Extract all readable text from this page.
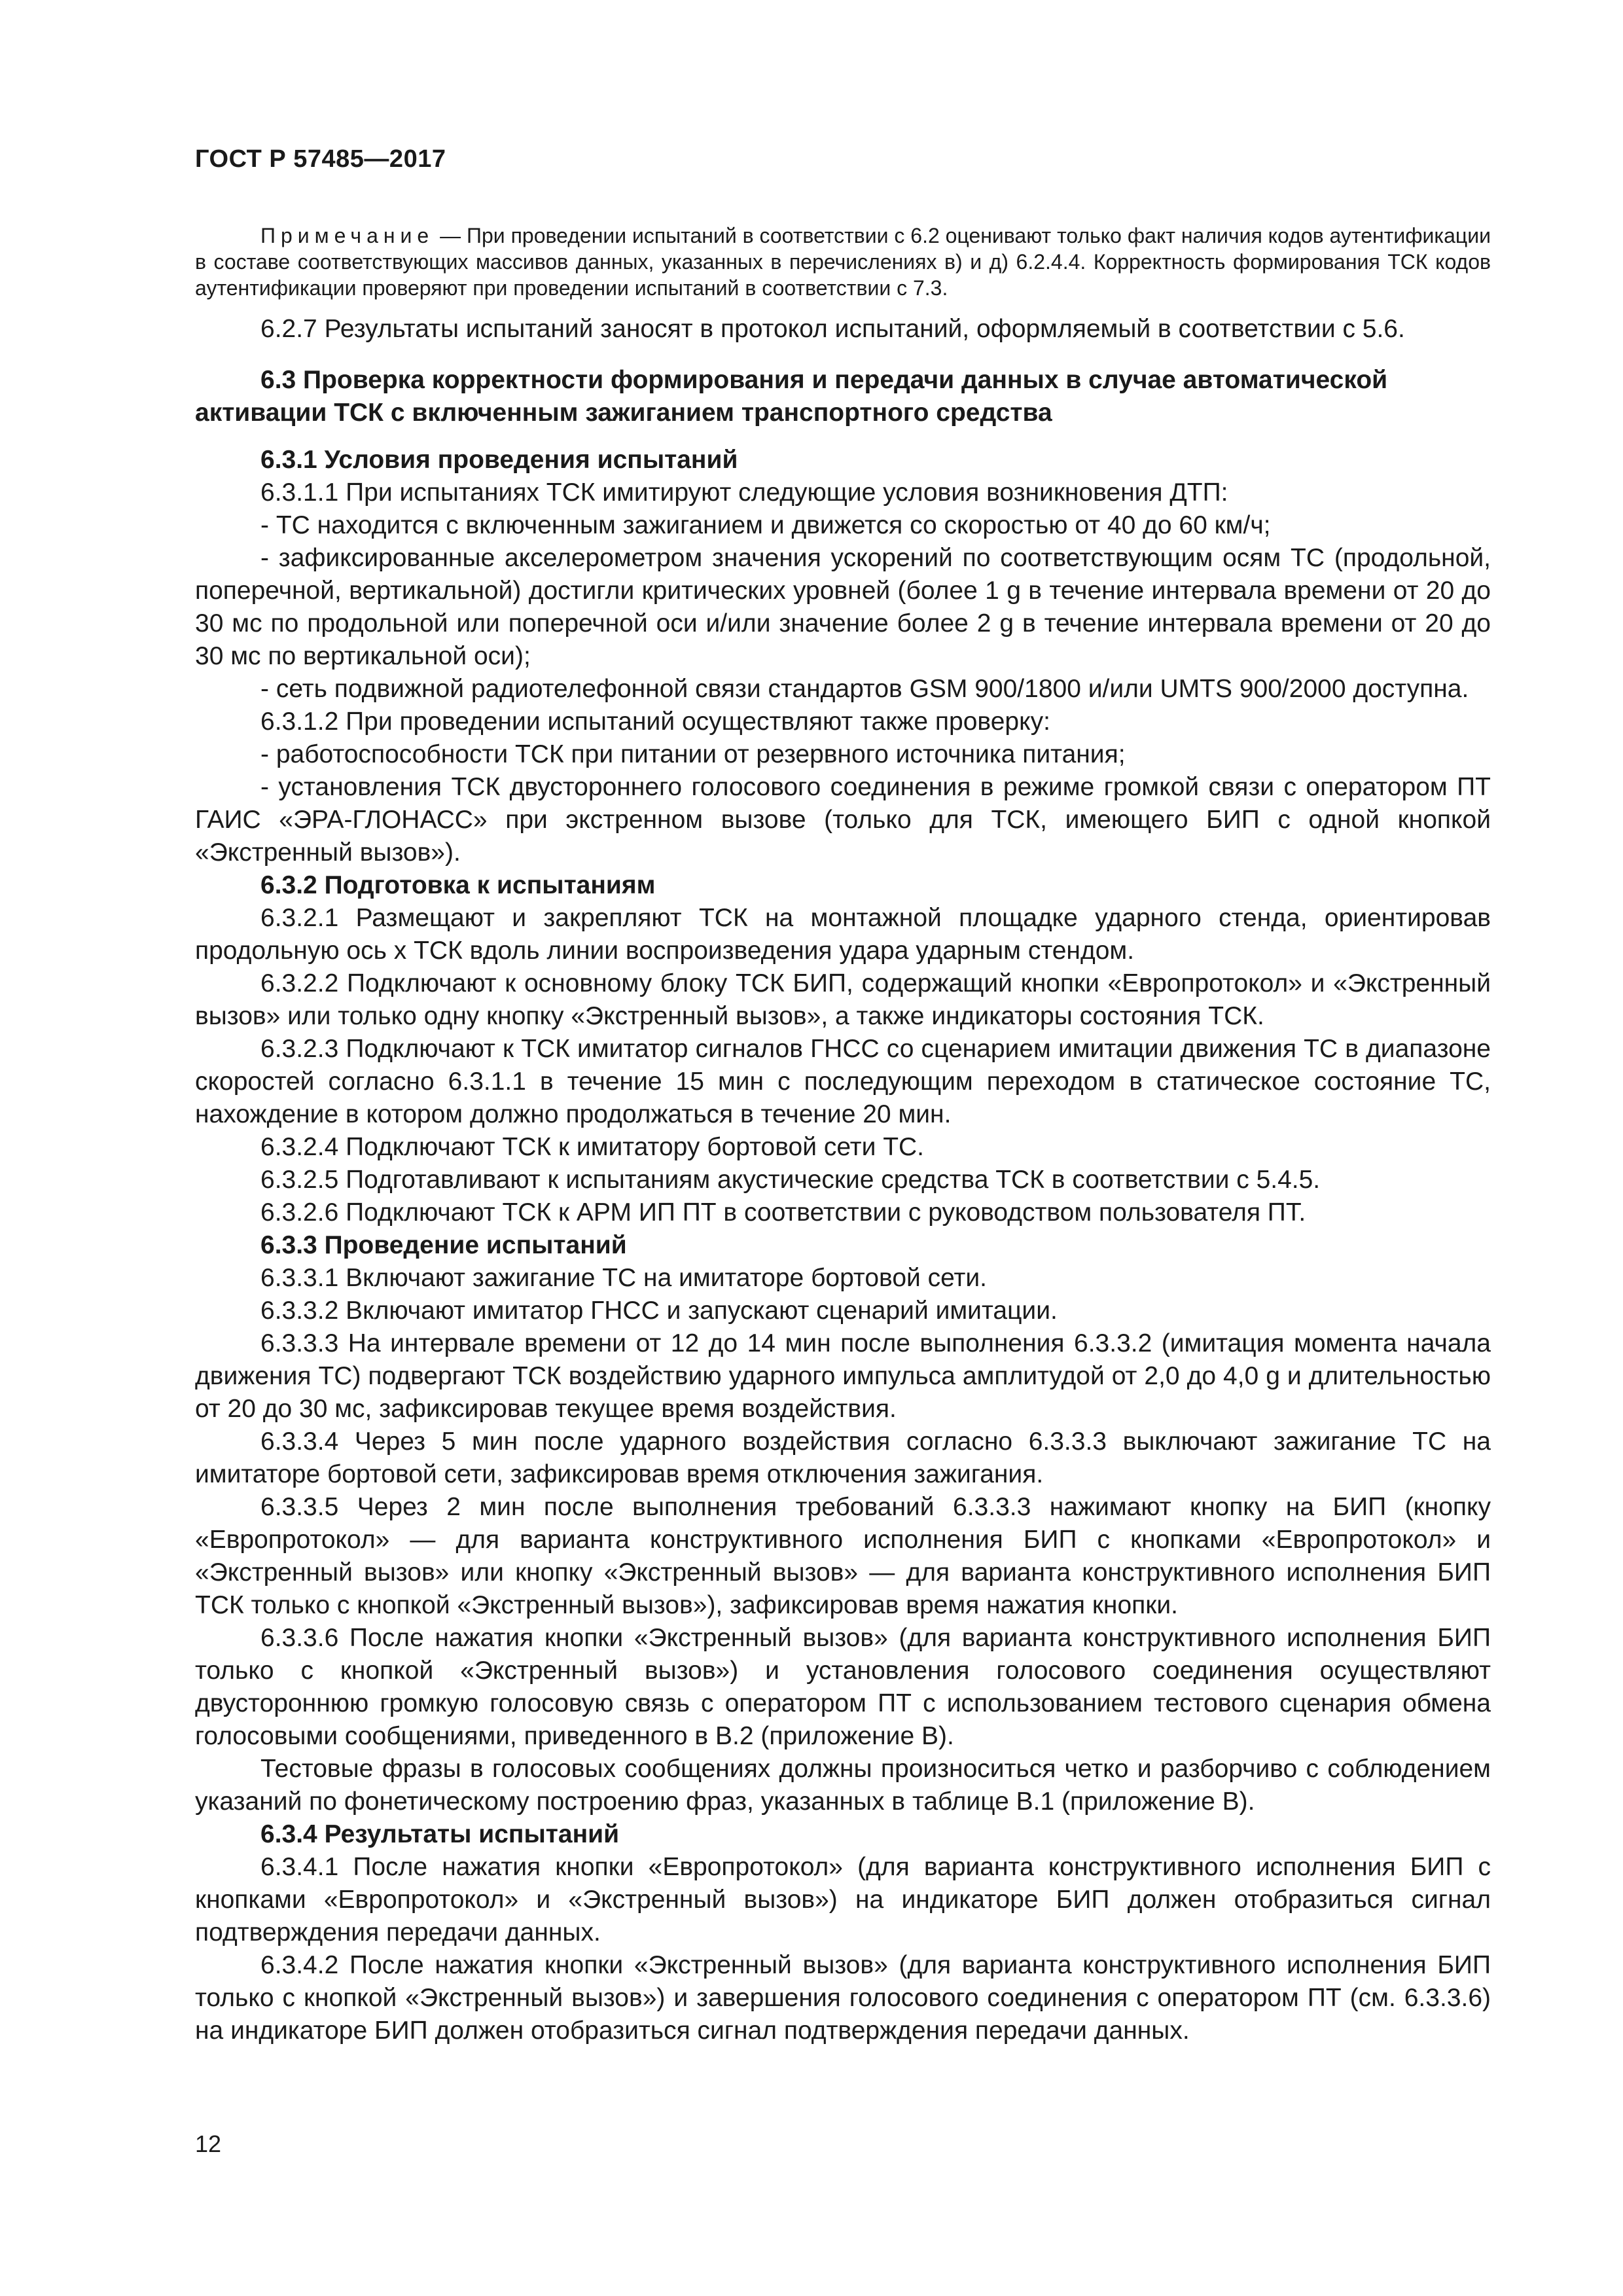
ГОСТ Р 57485—2017

Примечание — При проведении испытаний в соответствии с 6.2 оценивают только факт наличия кодов аутентификации в составе соответствующих массивов данных, указанных в перечислениях в) и д) 6.2.4.4. Корректность формирования ТСК кодов аутентификации проверяют при проведении испытаний в соответствии с 7.3.

6.2.7 Результаты испытаний заносят в протокол испытаний, оформляемый в соответствии с 5.6.

6.3 Проверка корректности формирования и передачи данных в случае автоматической активации ТСК с включенным зажиганием транспортного средства

6.3.1 Условия проведения испытаний

6.3.1.1 При испытаниях ТСК имитируют следующие условия возникновения ДТП:

- ТС находится с включенным зажиганием и движется со скоростью от 40 до 60 км/ч;

- зафиксированные акселерометром значения ускорений по соответствующим осям ТС (продольной, поперечной, вертикальной) достигли критических уровней (более 1 g в течение интервала времени от 20 до 30 мс по продольной или поперечной оси и/или значение более 2 g в течение интервала времени от 20 до 30 мс по вертикальной оси);

- сеть подвижной радиотелефонной связи стандартов GSM 900/1800 и/или UMTS 900/2000 доступна.

6.3.1.2 При проведении испытаний осуществляют также проверку:

- работоспособности ТСК при питании от резервного источника питания;

- установления ТСК двустороннего голосового соединения в режиме громкой связи с оператором ПТ ГАИС «ЭРА-ГЛОНАСС» при экстренном вызове (только для ТСК, имеющего БИП с одной кнопкой «Экстренный вызов»).

6.3.2 Подготовка к испытаниям

6.3.2.1 Размещают и закрепляют ТСК на монтажной площадке ударного стенда, ориентировав продольную ось x ТСК вдоль линии воспроизведения удара ударным стендом.

6.3.2.2 Подключают к основному блоку ТСК БИП, содержащий кнопки «Европротокол» и «Экстренный вызов» или только одну кнопку «Экстренный вызов», а также индикаторы состояния ТСК.

6.3.2.3 Подключают к ТСК имитатор сигналов ГНСС со сценарием имитации движения ТС в диапазоне скоростей согласно 6.3.1.1 в течение 15 мин с последующим переходом в статическое состояние ТС, нахождение в котором должно продолжаться в течение 20 мин.

6.3.2.4 Подключают ТСК к имитатору бортовой сети ТС.

6.3.2.5 Подготавливают к испытаниям акустические средства ТСК в соответствии с 5.4.5.

6.3.2.6 Подключают ТСК к АРМ ИП ПТ в соответствии с руководством пользователя ПТ.

6.3.3 Проведение испытаний

6.3.3.1 Включают зажигание ТС на имитаторе бортовой сети.

6.3.3.2 Включают имитатор ГНСС и запускают сценарий имитации.

6.3.3.3 На интервале времени от 12 до 14 мин после выполнения 6.3.3.2 (имитация момента начала движения ТС) подвергают ТСК воздействию ударного импульса амплитудой от 2,0 до 4,0 g и длительностью от 20 до 30 мс, зафиксировав текущее время воздействия.

6.3.3.4 Через 5 мин после ударного воздействия согласно 6.3.3.3 выключают зажигание ТС на имитаторе бортовой сети, зафиксировав время отключения зажигания.

6.3.3.5 Через 2 мин после выполнения требований 6.3.3.3 нажимают кнопку на БИП (кнопку «Европротокол» — для варианта конструктивного исполнения БИП с кнопками «Европротокол» и «Экстренный вызов» или кнопку «Экстренный вызов» — для варианта конструктивного исполнения БИП ТСК только с кнопкой «Экстренный вызов»), зафиксировав время нажатия кнопки.

6.3.3.6 После нажатия кнопки «Экстренный вызов» (для варианта конструктивного исполнения БИП только с кнопкой «Экстренный вызов») и установления голосового соединения осуществляют двустороннюю громкую голосовую связь с оператором ПТ с использованием тестового сценария обмена голосовыми сообщениями, приведенного в В.2 (приложение В).

Тестовые фразы в голосовых сообщениях должны произноситься четко и разборчиво с соблюдением указаний по фонетическому построению фраз, указанных в таблице В.1 (приложение В).

6.3.4 Результаты испытаний

6.3.4.1 После нажатия кнопки «Европротокол» (для варианта конструктивного исполнения БИП с кнопками «Европротокол» и «Экстренный вызов») на индикаторе БИП должен отобразиться сигнал подтверждения передачи данных.

6.3.4.2 После нажатия кнопки «Экстренный вызов» (для варианта конструктивного исполнения БИП только с кнопкой «Экстренный вызов») и завершения голосового соединения с оператором ПТ (см. 6.3.3.6) на индикаторе БИП должен отобразиться сигнал подтверждения передачи данных.

12
